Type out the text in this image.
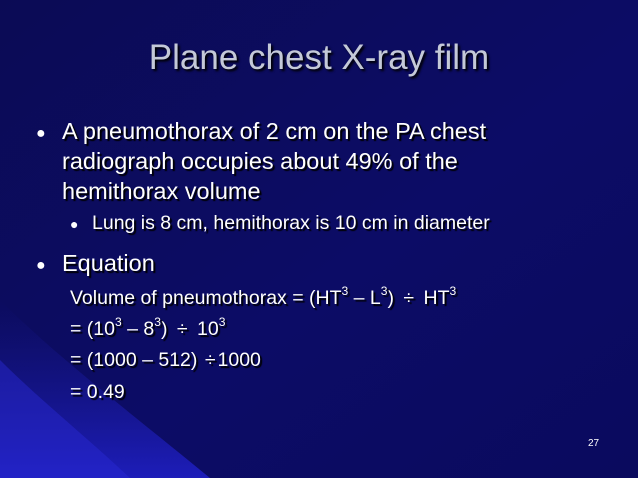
Plane chest X-ray film
● A pneumothorax of 2 cm on the PA chest
radiograph occupies about 49% of the
hemithorax volume
● Lung is 8 cm, hemithorax is 10 cm in diameter
● Equation
Volume of pneumothorax = $(HT^3 - L^3) \div HT^3$
= $(10^3 - 8^3) \div 10^3$
= (1000 – 512) ÷ 1000
= 0.49
27
